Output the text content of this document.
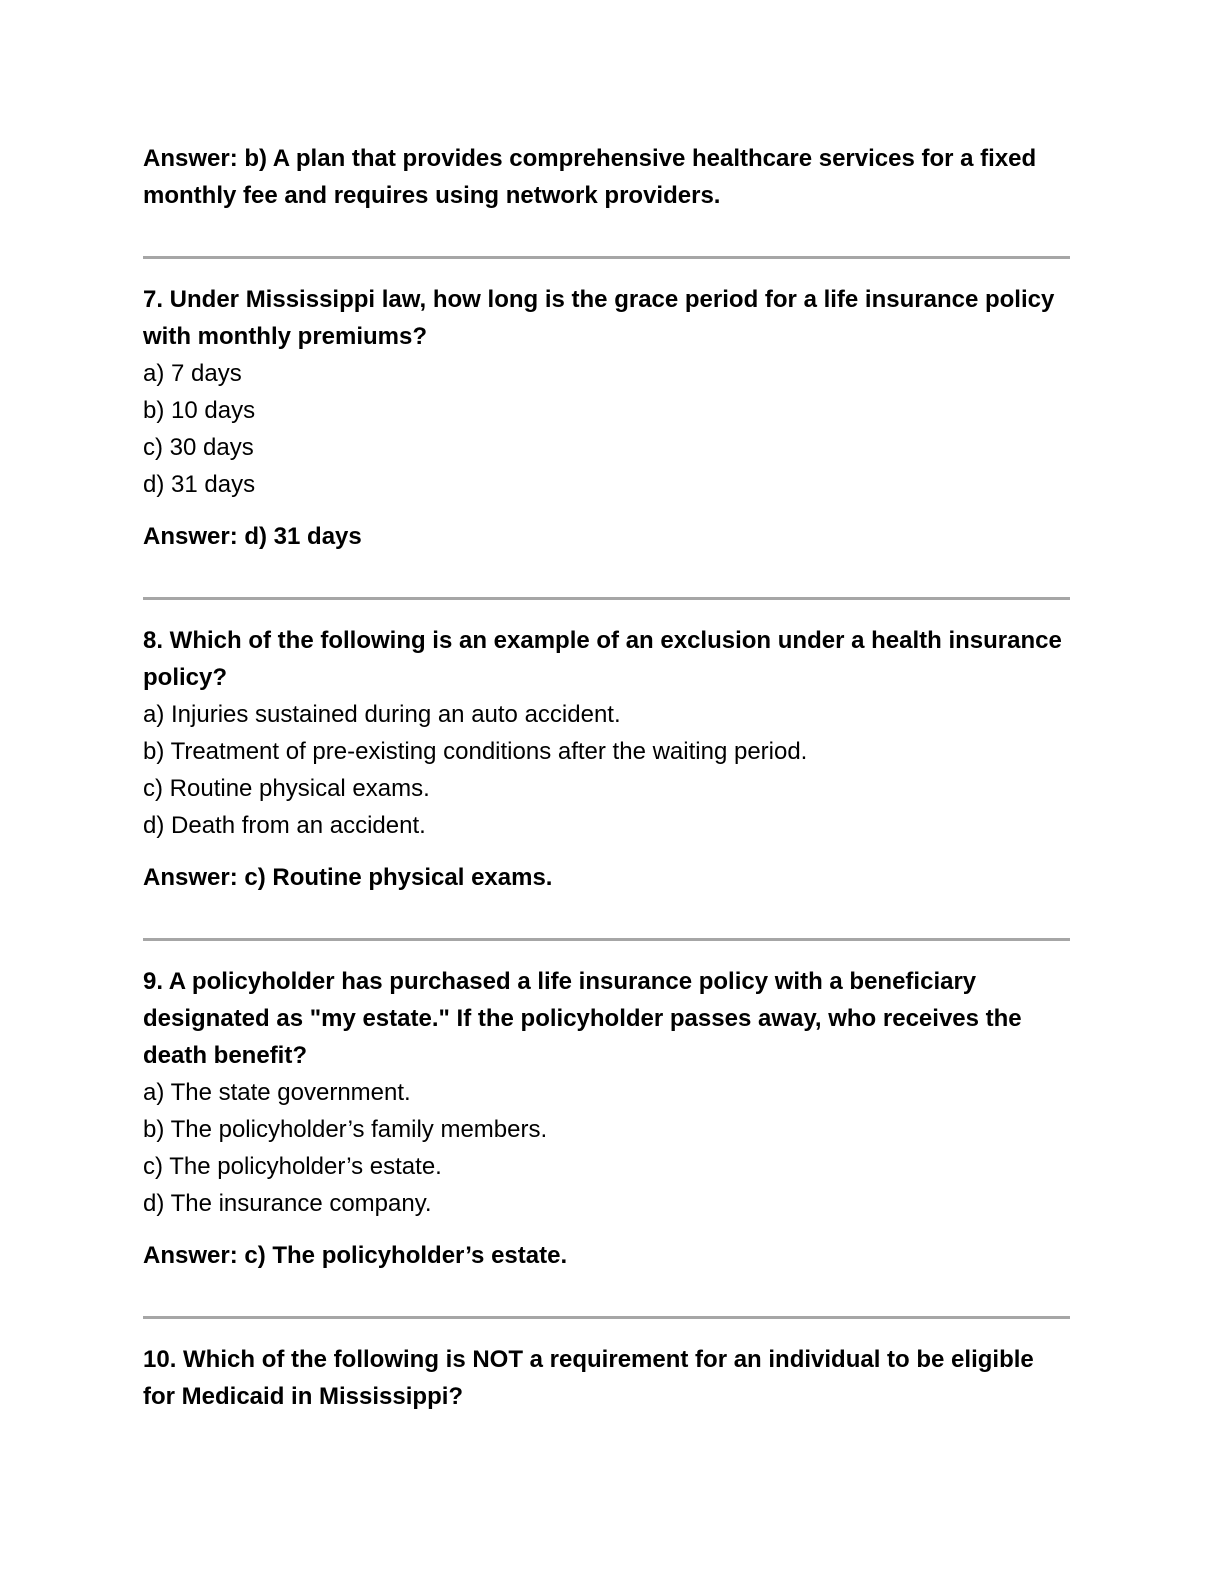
Answer: b) A plan that provides comprehensive healthcare services for a fixed
monthly fee and requires using network providers.
7. Under Mississippi law, how long is the grace period for a life insurance policy
with monthly premiums?
a) 7 days
b) 10 days
c) 30 days
d) 31 days
Answer: d) 31 days
8. Which of the following is an example of an exclusion under a health insurance
policy?
a) Injuries sustained during an auto accident.
b) Treatment of pre-existing conditions after the waiting period.
c) Routine physical exams.
d) Death from an accident.
Answer: c) Routine physical exams.
9. A policyholder has purchased a life insurance policy with a beneficiary
designated as "my estate." If the policyholder passes away, who receives the
death benefit?
a) The state government.
b) The policyholder’s family members.
c) The policyholder’s estate.
d) The insurance company.
Answer: c) The policyholder’s estate.
10. Which of the following is NOT a requirement for an individual to be eligible
for Medicaid in Mississippi?
